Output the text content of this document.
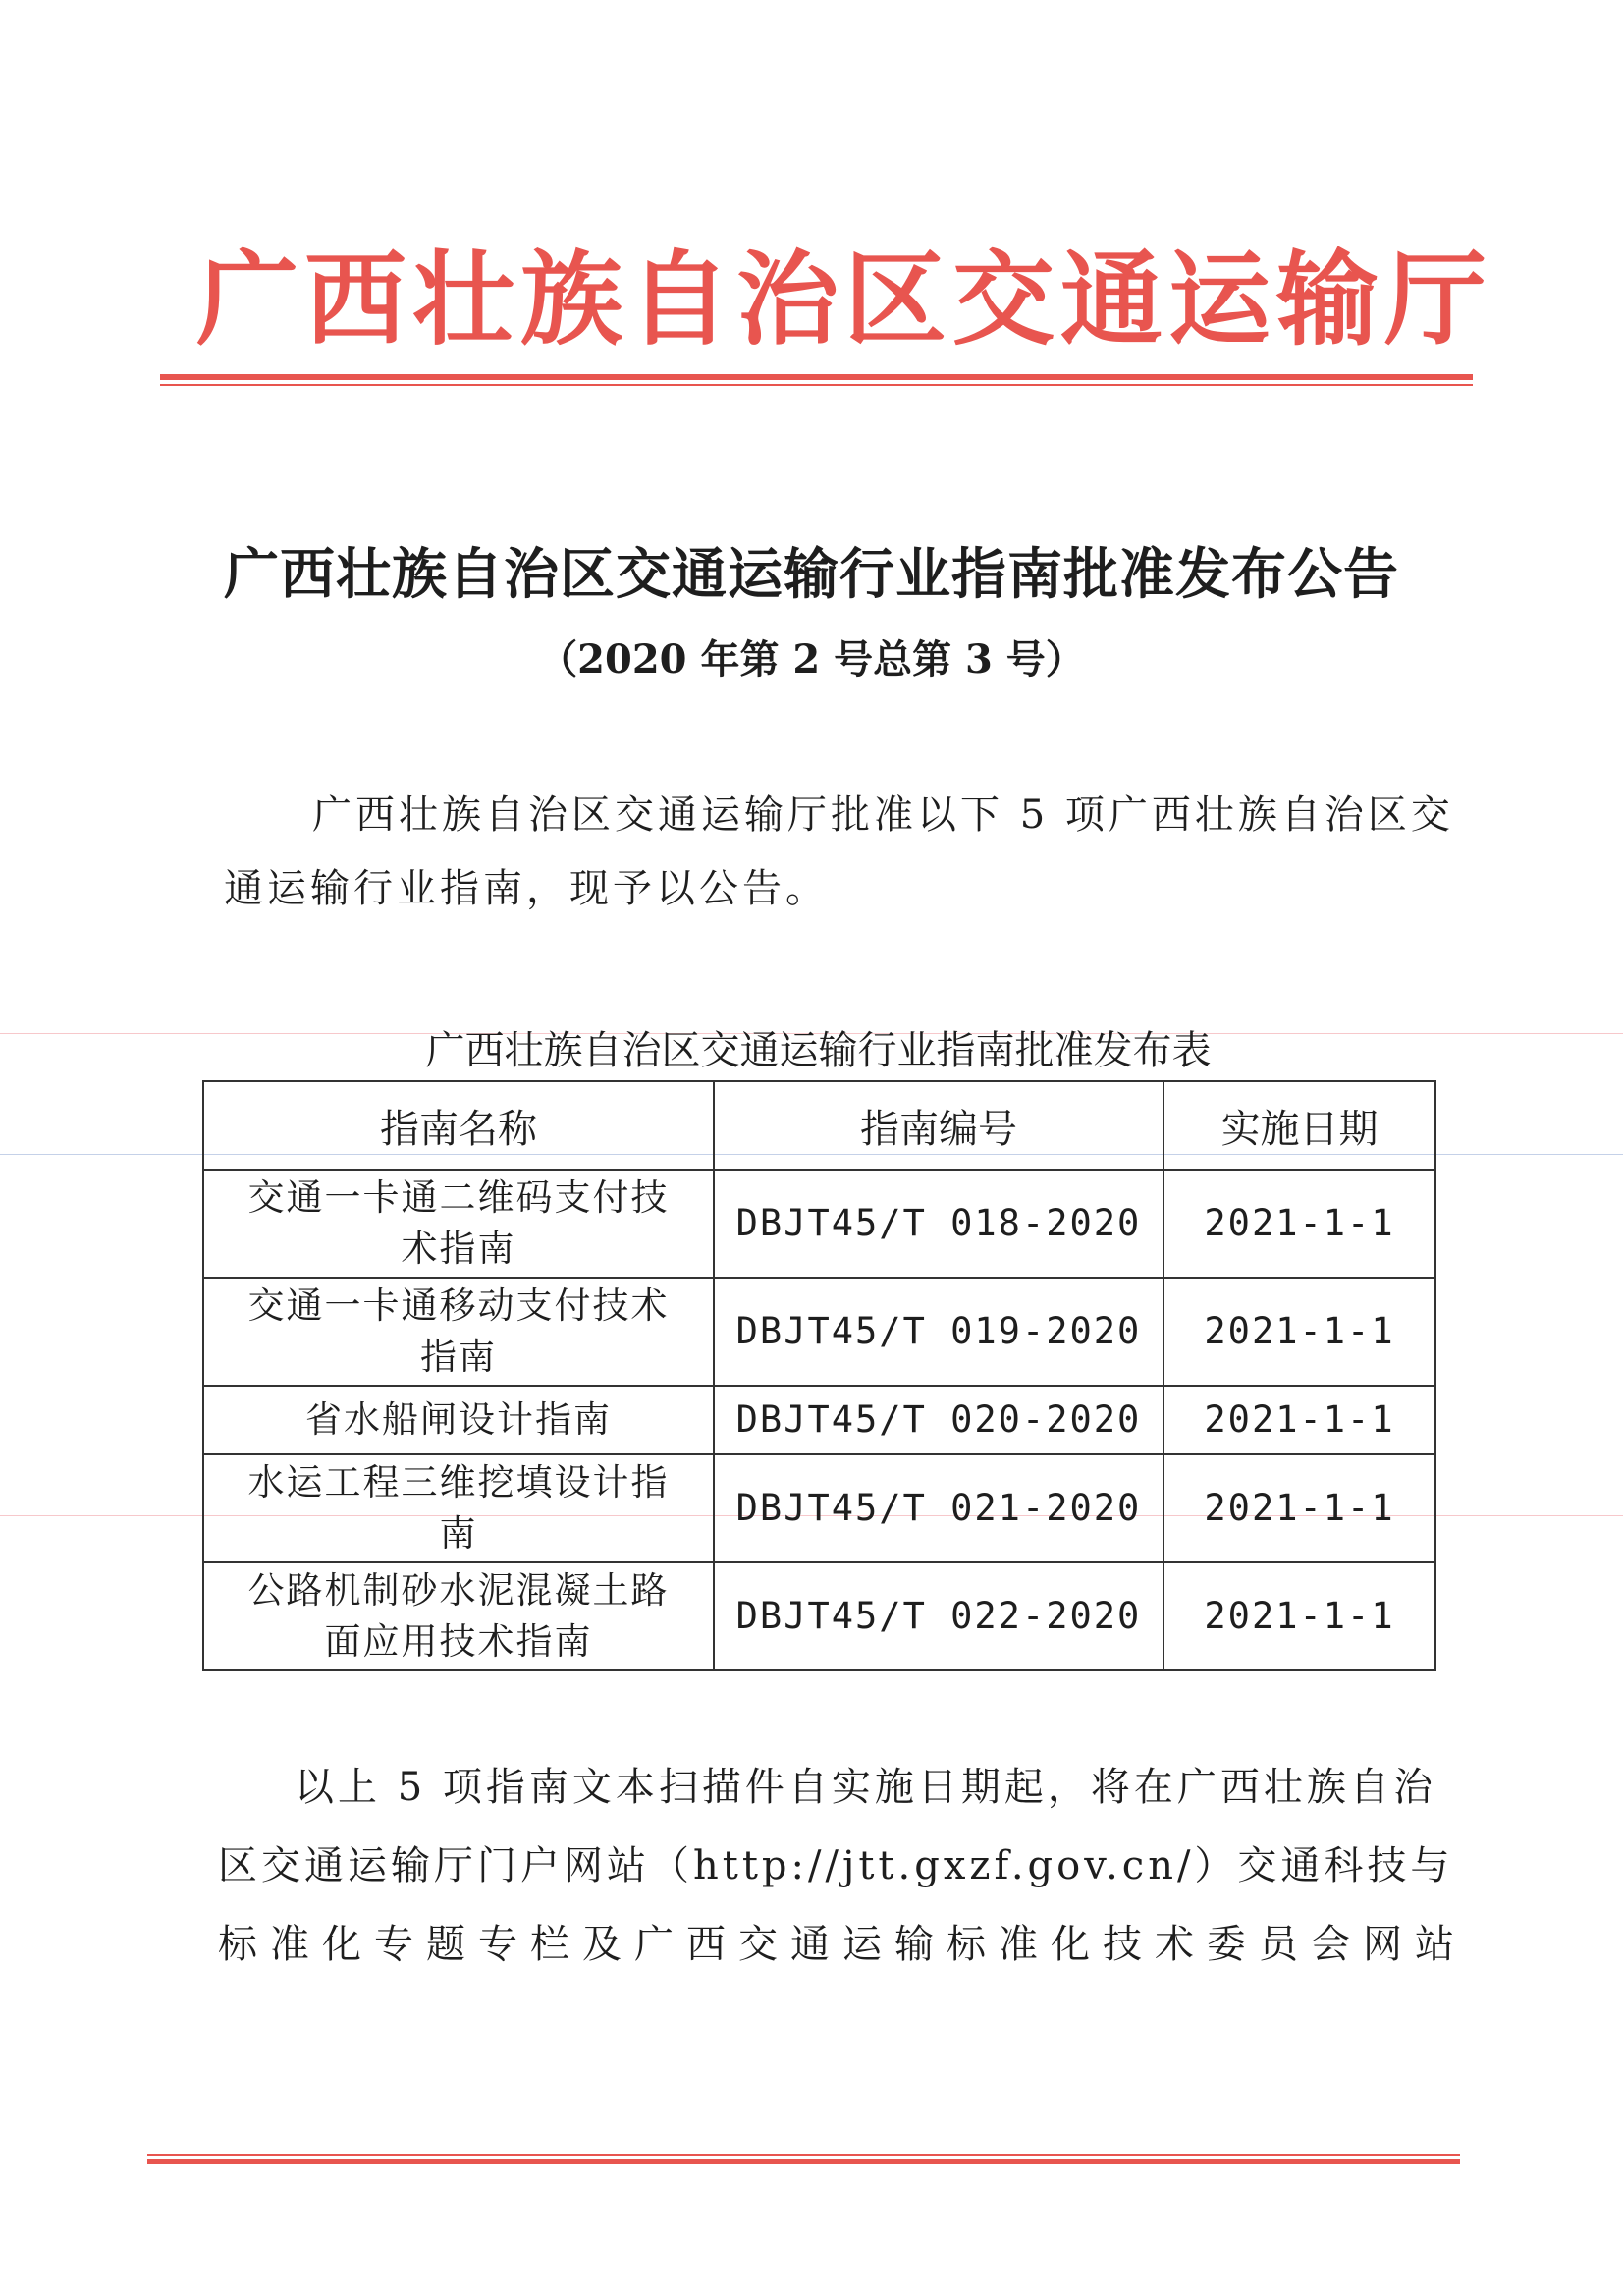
广西壮族自治区交通运输厅
广西壮族自治区交通运输行业指南批准发布公告
（2020 年第 2 号总第 3 号）
广西壮族自治区交通运输厅批准以下 5 项广西壮族自治区交
通运输行业指南，现予以公告。
广西壮族自治区交通运输行业指南批准发布表
指南名称	指南编号	实施日期
交通一卡通二维码支付技
术指南	DBJT45/T 018-2020	2021-1-1
交通一卡通移动支付技术
指南	DBJT45/T 019-2020	2021-1-1
省水船闸设计指南	DBJT45/T 020-2020	2021-1-1
水运工程三维挖填设计指
南	DBJT45/T 021-2020	2021-1-1
公路机制砂水泥混凝土路
面应用技术指南	DBJT45/T 022-2020	2021-1-1
以上 5 项指南文本扫描件自实施日期起，将在广西壮族自治
区交通运输厅门户网站（http://jtt.gxzf.gov.cn/）交通科技与
标准化专题专栏及广西交通运输标准化技术委员会网站
